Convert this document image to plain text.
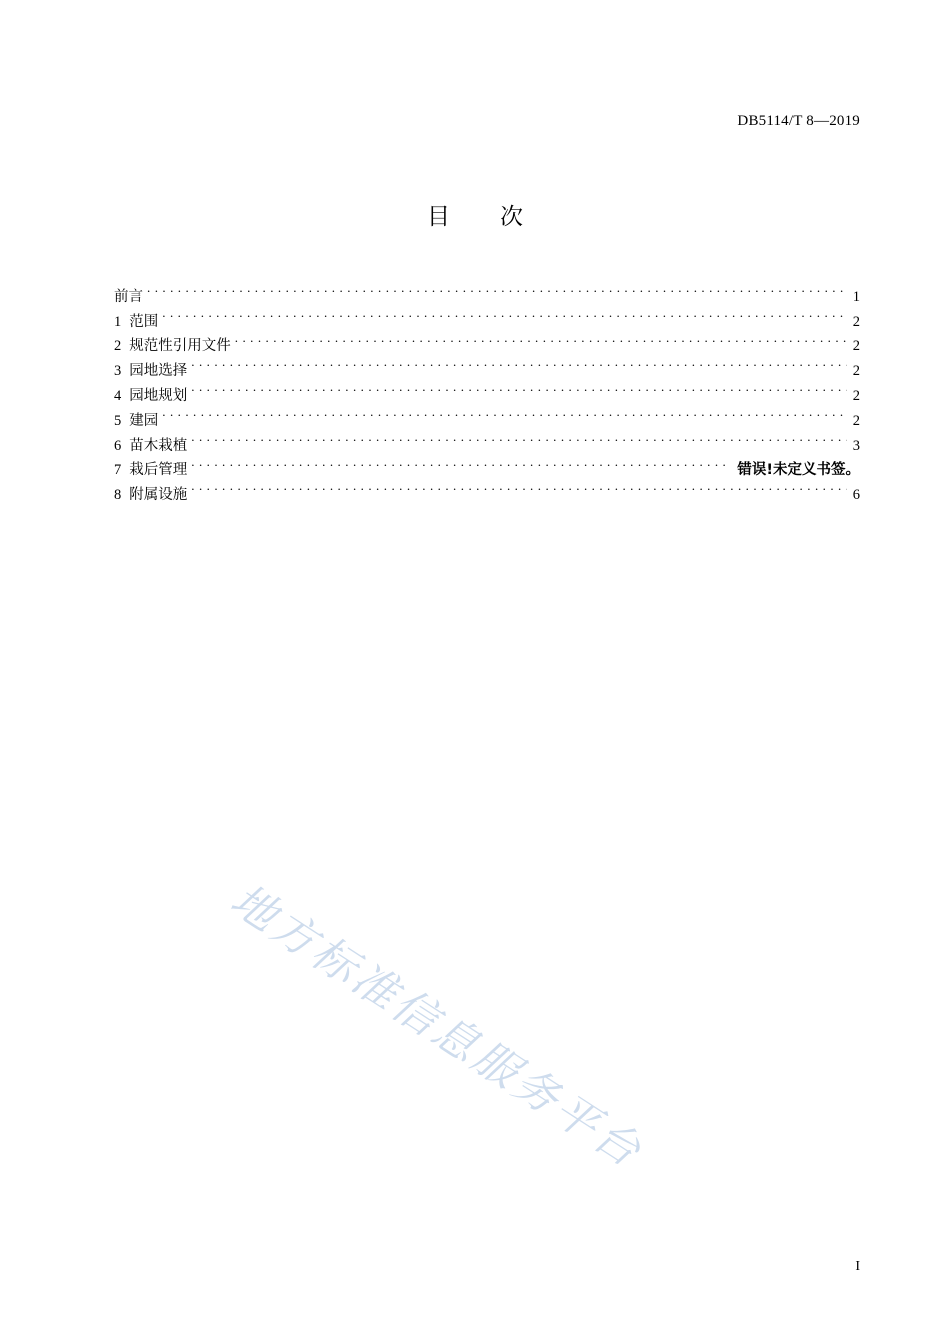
DB5114/T 8—2019
目 次
前言 . . .	1
1 范围 . . .	2
2 规范性引用文件 . . .	2
3 园地选择 . . .	2
4 园地规划 . . .	2
5 建园 . . .	2
6 苗木栽植 . . .	3
7 栽后管理 . . .	错误!未定义书签。
8 附属设施 . . .	6
地方标准信息服务平台
I
